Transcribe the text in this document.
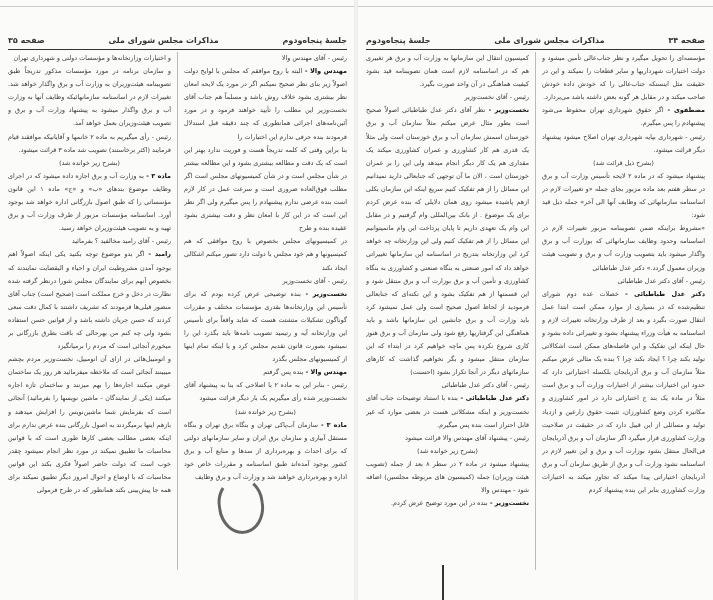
جلسهٔ پنجاه‌ودوم
مذاکرات مجلس شورای ملی
صفحه ۳۵

رئیس - آقای مهندس والا

مهندس والا - البته با روح موافقم که مجلس با لوایح دولت اصولاً زیر بنای نظر صحیح نمیکنم اگر در مورد یک لایحه امعان نظر بیشتری بشود خلاف روش باشد و مسلماً هم جناب آقای نخست‌وزیر این مطلب را تأیید خواهند فرمود و در مورد آئین‌نامه‌های اجرائی همانطوری که چند دقیقه قبل استدلال فرمودند بنده حرفی ندارم این اختیارات را

بنا براین وقتی که کلمه تدریجاً هست و فوریت ندارد بهتر این است که یک دقت و مطالعه بیشتری بشود و این مطالعه بیشتر در شأن مجلس است و در شأن کمیسیونهای مجلس است اگر مطلب فوق‌العاده ضروری است و سرعت عمل در کار لازم است بنده عرضی ندارم پیشنهادم را پس میگیرم ولی اگر نظر این است که در این کار با امعان نظر و دقت بیشتری بشود عقیده بنده و طرح

در کمیسیونهای مجلس بخصوص با روح موافقی که هم کمیسیونها و هم خود مجلس با دولت دارد تصور میکنم اشکالی ایجاد نکند

رئیس - آقای نخست‌وزیر

نخست‌وزیر - بنده توضیحی عرض کرده بودم که برای تأسیس این وزارتخانه‌ها بقدری مؤسسات مختلف و مقررات گوناگون تشکیلات متشتت هست که شاید واقعاً برای تأسیس این وزارتخانه آیه و رتیمید تصویب نامه‌ها باید بگذرد این را نمیشود بصورت قانون تقدیم مجلس کرد و یا اینکه تمام اینها از کمیسیونهای مجلس بگذرد

مهندس والا - بنده پس گرفتم

رئیس - بنابر این به ماده ۲ با اصلاحی که بنا به پیشنهاد آقای نخست‌وزیر شده رأی میگیریم یک بار دیگر قرائت میشود

(بشرح زیر خوانده شد)

ماده ۳ - سازمان آب‌پاکی تهران و بنگاه برق تهران و بنگاه مستقل آبیاری و سازمان برق ایران و سایر سازمانهای دولتی که برای احداث و بهره‌برداری از سدها و منابع آب و برق کشور بوجود آمده‌اند طبق اساسنامه و مقررات خاص خود اداره و بهره‌برداری خواهند شد و وزارت آب و برق وظایف

و اختیارات وزارتخانه‌ها و مؤسسات دولتی و شهرداری تهران

و سازمان برنامه در مورد مؤسسات مذکور تدریجاً طبق تصویبنامه هیئت‌وزیران به وزارت آب و برق واگذار خواهد شد. تغییرات لازم در اساسنامه سازمانهائیکه وظایف آنها به وزارت آب و برق واگذار میشود به پیشنهاد وزارت آب و برق و تصویب هیئت‌وزیران بعمل خواهد آمد.

رئیس - رأی میگیریم به ماده ۲ خانمها و آقایانیکه موافقند قیام فرمایند (اکثر برخاستند) تصویب شد ماده ۳ قرائت میشود.

(بشرح زیر خوانده شد)

ماده ۳ - به وزارت آب و برق اجازه داده میشود که در اجرای وظایف موضوع بندهای «ب» و «ج» ماده ۱ این قانون مؤسساتی را که طبق اصول بازرگانی اداره خواهد شد بوجود آورد. اساسنامه مؤسسات مزبور از طرف وزارت آب و برق تهیه و به تصویب هیئت‌وزیران خواهد رسید.

رئیس - آقای رامبد مخالفید ؟ بفرمائید

رامبد - اگر بدو موضوع توجه بکنید یکی اینکه اصولاً اهم بوجود آمدن مشروطیت ایران و احیاء و الیقضایت نمایندند که بخصوص آنهم برای نمایندگان مجلس شورا درنظر گرفته شده نظارت در دخل و خرج مملکت است (صحیح است) جناب آقای منصور قبلی‌ها فرمودند که تشریف داشتند با کمال دقت سعی کردند که حسن جریان داشته باشد و از قوانین حسن استفاده بشود ولی چه کنم من بهرحالی که باقت بطرق بازرگانی بر میخورم آنجائی است که مردم را برمیانگیزد

و اتومبیل‌هائی در ازای آن انومبیل، نخست‌وزیر مردم بچشم میبینند آنجائی است که ملاحظه میفرمائید هر روز یک ساختمان عوض میکنند اجاره‌ها را بهم میزنند و ساختمان تازه اجاره میکنند (یکی از نمایندگان - ماشین نویسها را بفرمائید) آنجائی است که بفرمایش شما ماشین‌نویس را افزایش میدهند و بازهم اینها برمیگردند به اصول بازرگانی بنده عرض ندارم برای اینکه بعضی مطالب بعضی کارها طوری است که با قوانین محاسبات ما تطبیق نمیکند در مورد نظر انجام نمیشود چقدر خوب است که دولت حاضر اصولاً فکری بکند این قوانین محاسبات که با اوضاع و احوال امروز دیگر تطبیق نمیکند برای همه جا پیش‌بینی بکند همانطور که در طرح فرمولی

صفحه ۳۴
مذاکرات مجلس شورای ملی
جلسهٔ پنجاه‌ودوم

مؤسسه‌ای را تحویل میگیرد و نظر جناب‌عالی تأمین میشود و دولت اختیارات شهرداریها و سایر قطعات را نمیکند و این در حقیقت مثل اینستکه جناب‌عالی را که خودش داده خودش صاحب میکند و در مقابل هر گونه بعض داشته باشد می‌برد‌ارد.

مصطفوی - اگر حقوق شهرداری تهران محفوظ می‌شود پیشنهادم را پس میگیرم.

رئیس - شهرداری بپایه شهرداری تهران اصلاح میشود پیشنهاد دیگر قرائت میشود.

(بشرح ذیل قرائت شد)

پیشنهاد میشود که در ماده ۲ لایحه تأسیس وزارت آب و برق در سطر هفتم بعد ماده مزبور بجای جمله «و تغییرات لازم در اساسنامه سازمانهائی که وظایف آنها الی آخر» جمله ذیل قید شود:

«مشروط براینکه ضمن تصویبنامه مزبور تغییرات لازم در اساسنامه وحدود وظایف سازمانهائی که بوزارت آب و برق واگذار میشود باید بتصویب وزارت آب و برق و تصویب هیئت وزیران معمول گردد.» دکتر عدل طباطبائی

رئیس - آقای دکتر عدل طباطبائی

دکتر عدل طباطبائی - خصلات عده دوم شورای تنظیم‌شده که در بسیاری از موارد ممکن است ابتدا عمل انتقال صورت بگیرد و بعد از طرف وزارتخانه تغییرات لازم و اساسنامه به هیأت وزراء پیشنهاد بشود و تغییراتی داده بشود و حال اینکه این تفکیک و این فاصله‌های ممکن است اشکالاتی تولید بکند چرا ؟ ایجاد بکند چرا ؟ بنده یک مثالی عرض میکنم مثلاً سازمان آب و برق آذربایجان بلکسله اختیاراتی دارد که حدود این اختیارات بیشتر از اختیارات وزارت آب و برق است مثلاً در ماده یک بند ج اختیاراتی دارد در امور کشاورزی و مکانیزه کردن وضع کشاورزان، تثبیت حقوق زارعین و ازدیاد تولید و مسائلی از این قبیل دارد که در حقیقت در صلاحیت وزارت کشاورزی قرار میگیرد اگر سازمان آب و برق آذربایجان فی‌الحال منتقل بشود بوزارت آب و برق و این تغییر لازم در اساسنامه نشود وزارت آب و برق از طریق سازمان آب و برق آذربایجان اختیاراتی پیدا میکند که تجاوز میکند به اختیارات وزارت کشاورزی بنابر این بنده پیشنهاد کردم

کمیسیون انتقال این سازمانها به وزارت آب و برق هر تغییری هم که در اساسنامه لازم است همان تصویبنامه قید بشود کیفیت هماهنگی در آن واحد صورت بگیرد.

رئیس - آقای نخست‌وزیر

نخست‌وزیر - نظر آقای دکتر عدل طباطبائی اصولاً صحیح است بطور مثال عرض میکنم مثلاً سازمان آب و برق خوزستان اسمش سازمان آب و برق خوزستان است ولی مثلاً یک قدری هم کار کشاورزی و عمران کشاورزی میکند یک مقداری هم یک کار دیگر انجام میدهد ولی این را بر عمران خوزستان است ، الان ما آن توجهی که جنابعالی دارید نمیدانیم این مسائل را از هم تفکیک کنیم سریع اینکه این سازمان بکلی ازهم پاشیده میشود روی همان دلایلی که بنده عرض کردم برای یک موضوع . از بانک بین‌المللی وام گرفتیم و در مقابل این وام یک تعهدی داریم تا پایان پرداخت این وام مانمیتوانیم این مسائل را از هم تفکیک کنیم ولی این وزارتخانه چه خواهد کرد این وزارتخانه بتدریج در اساسنامه این سازمانها تغییراتی خواهد داد که امور صنعتی به بنگاه صنعتی و کشاورزی به بنگاه کشاورزی و تأمین آب و برق بوزارت آب و برق منتقل شود و این قسمتها از هم تفکیک بشود و این نکته‌ای که جنابعالی فرمودید از لحاظ اصول صحیح است ولی عمل نمیشود کرد باید وزارت آب و برق جانشین این سازمانها باشد و باید هماهنگی این گرفتاریها رفع شود ولی سازمان آب و برق هنوز کاری شروع نکرده پس ماچه خواهیم کرد در ابتداء که این سازمان منتقل میشود و بگر نخواهیم گذاشت که کارهای سازمانهای دیگر در آنجا تکرار بشود (احسنت)

رئیس - آقای دکتر عدل طباطبائی

دکتر عدل طباطبائی - بنده با استناد توضیحات جناب آقای نخست‌وزیر و اینکه مشکلاتی هست در بعضی موارد که غیر قابل احتراز است بنده پس میگیرم.

رئیس - پیشنهاد آقای مهندس والا قرائت میشود

(بشرح زیر خوانده شد)

پیشنهاد میشود در ماده ۲ در سطر ۸ بعد از جمله (تصویب هیئت وزیران) جمله (کمیسیون های مربوطه مجلسین) اضافه شود - مهندس والا

نخست‌وزیر - بنده در این مورد توضیح عرض کردم.
